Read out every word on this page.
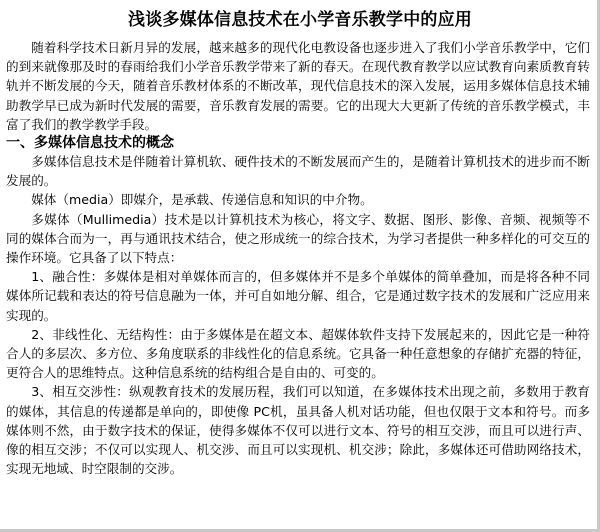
浅谈多媒体信息技术在小学音乐教学中的应用

随着科学技术日新月异的发展，越来越多的现代化电教设备也逐步进入了我们小学音乐教学中，它们的到来就像那及时的春雨给我们小学音乐教学带来了新的春天。在现代教育教学以应试教育向素质教育转轨并不断发展的今天，随着音乐教材体系的不断改革，现代信息技术的深入发展，运用多媒体信息技术辅助教学早已成为新时代发展的需要，音乐教育发展的需要。它的出现大大更新了传统的音乐教学模式，丰富了我们的教学教学手段。

一、多媒体信息技术的概念

多媒体信息技术是伴随着计算机软、硬件技术的不断发展而产生的，是随着计算机技术的进步而不断发展的。

媒体（media）即媒介，是承载、传递信息和知识的中介物。

多媒体（Mullimedia）技术是以计算机技术为核心，将文字、数据、图形、影像、音频、视频等不同的媒体合而为一，再与通讯技术结合，使之形成统一的综合技术，为学习者提供一种多样化的可交互的操作环境。它具备了以下特点：

1、融合性：多媒体是相对单媒体而言的，但多媒体并不是多个单媒体的简单叠加，而是将各种不同媒体所记载和表达的符号信息融为一体，并可自如地分解、组合，它是通过数字技术的发展和广泛应用来实现的。

2、非线性化、无结构性：由于多媒体是在超文本、超媒体软件支持下发展起来的，因此它是一种符合人的多层次、多方位、多角度联系的非线性化的信息系统。它具备一种任意想象的存储扩充器的特征，更符合人的思维特点。这种信息系统的结构组合是自由的、可变的。

3、相互交涉性：纵观教育技术的发展历程，我们可以知道，在多媒体技术出现之前，多数用于教育的媒体，其信息的传递都是单向的，即使像 PC机，虽具备人机对话功能，但也仅限于文本和符号。而多媒体则不然，由于数字技术的保证，使得多媒体不仅可以进行文本、符号的相互交涉，而且可以进行声、像的相互交涉；不仅可以实现人、机交涉、而且可以实现机、机交涉；除此，多媒体还可借助网络技术，实现无地域、时空限制的交涉。
